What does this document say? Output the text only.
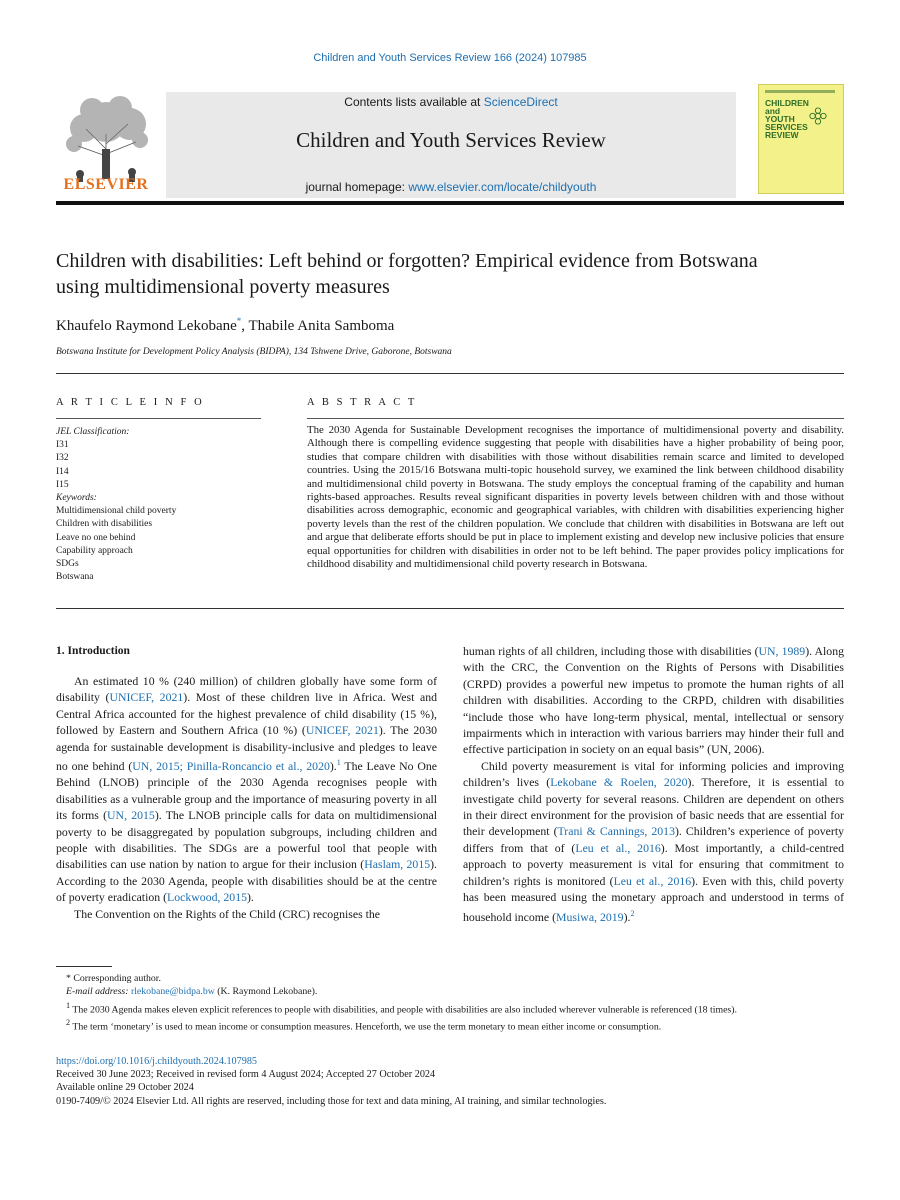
Children and Youth Services Review 166 (2024) 107985
ELSEVIER
Contents lists available at ScienceDirect
Children and Youth Services Review
journal homepage: www.elsevier.com/locate/childyouth
CHILDREN
and
YOUTH
SERVICES
REVIEW
Children with disabilities: Left behind or forgotten? Empirical evidence from Botswana using multidimensional poverty measures
Khaufelo Raymond Lekobane*, Thabile Anita Samboma
Botswana Institute for Development Policy Analysis (BIDPA), 134 Tshwene Drive, Gaborone, Botswana
A R T I C L E I N F O	A B S T R A C T
JEL Classification:
I31
I32
I14
I15
Keywords:
Multidimensional child poverty
Children with disabilities
Leave no one behind
Capability approach
SDGs
Botswana
The 2030 Agenda for Sustainable Development recognises the importance of multidimensional poverty and disability. Although there is compelling evidence suggesting that people with disabilities have a higher probability of being poor, studies that compare children with disabilities with those without disabilities remain scarce and limited to developed countries. Using the 2015/16 Botswana multi-topic household survey, we examined the link between childhood disability and multidimensional child poverty in Botswana. The study employs the conceptual framing of the capability and human rights-based approaches. Results reveal significant disparities in poverty levels between children with and those without disabilities across demographic, economic and geographical variables, with children with disabilities experiencing higher poverty levels than the rest of the children population. We conclude that children with disabilities in Botswana are left out and argue that deliberate efforts should be put in place to implement existing and develop new inclusive policies that ensure equal opportunities for children with disabilities in order not to be left behind. The paper provides policy implications for childhood disability and multidimensional child poverty research in Botswana.
1. Introduction

An estimated 10 % (240 million) of children globally have some form of disability (UNICEF, 2021). Most of these children live in Africa. West and Central Africa accounted for the highest prevalence of child disability (15 %), followed by Eastern and Southern Africa (10 %) (UNICEF, 2021). The 2030 agenda for sustainable development is disability-inclusive and pledges to leave no one behind (UN, 2015; Pinilla-Roncancio et al., 2020).$^1$ The Leave No One Behind (LNOB) principle of the 2030 Agenda recognises people with disabilities as a vulnerable group and the importance of measuring poverty in all its forms (UN, 2015). The LNOB principle calls for data on multidimensional poverty to be disaggregated by population subgroups, including children and people with disabilities. The SDGs are a powerful tool that people with disabilities can use nation by nation to argue for their inclusion (Haslam, 2015). According to the 2030 Agenda, people with disabilities should be at the centre of poverty eradication (Lockwood, 2015).

The Convention on the Rights of the Child (CRC) recognises the

human rights of all children, including those with disabilities (UN, 1989). Along with the CRC, the Convention on the Rights of Persons with Disabilities (CRPD) provides a powerful new impetus to promote the human rights of all children with disabilities. According to the CRPD, children with disabilities “include those who have long-term physical, mental, intellectual or sensory impairments which in interaction with various barriers may hinder their full and effective participation in society on an equal basis” (UN, 2006).

Child poverty measurement is vital for informing policies and improving children’s lives (Lekobane & Roelen, 2020). Therefore, it is essential to investigate child poverty for several reasons. Children are dependent on others in their direct environment for the provision of basic needs that are essential for their development (Trani & Cannings, 2013). Children’s experience of poverty differs from that of (Leu et al., 2016). Most importantly, a child-centred approach to poverty measurement is vital for ensuring that commitment to children’s rights is monitored (Leu et al., 2016). Even with this, child poverty has been measured using the monetary approach and understood in terms of household income (Musiwa, 2019).$^2$

* Corresponding author.
E-mail address: rlekobane@bidpa.bw (K. Raymond Lekobane).
$^1$ The 2030 Agenda makes eleven explicit references to people with disabilities, and people with disabilities are also included wherever vulnerable is referenced (18 times).
$^2$ The term ‘monetary’ is used to mean income or consumption measures. Henceforth, we use the term monetary to mean either income or consumption.
https://doi.org/10.1016/j.childyouth.2024.107985
Received 30 June 2023; Received in revised form 4 August 2024; Accepted 27 October 2024
Available online 29 October 2024
0190-7409/© 2024 Elsevier Ltd. All rights are reserved, including those for text and data mining, AI training, and similar technologies.
